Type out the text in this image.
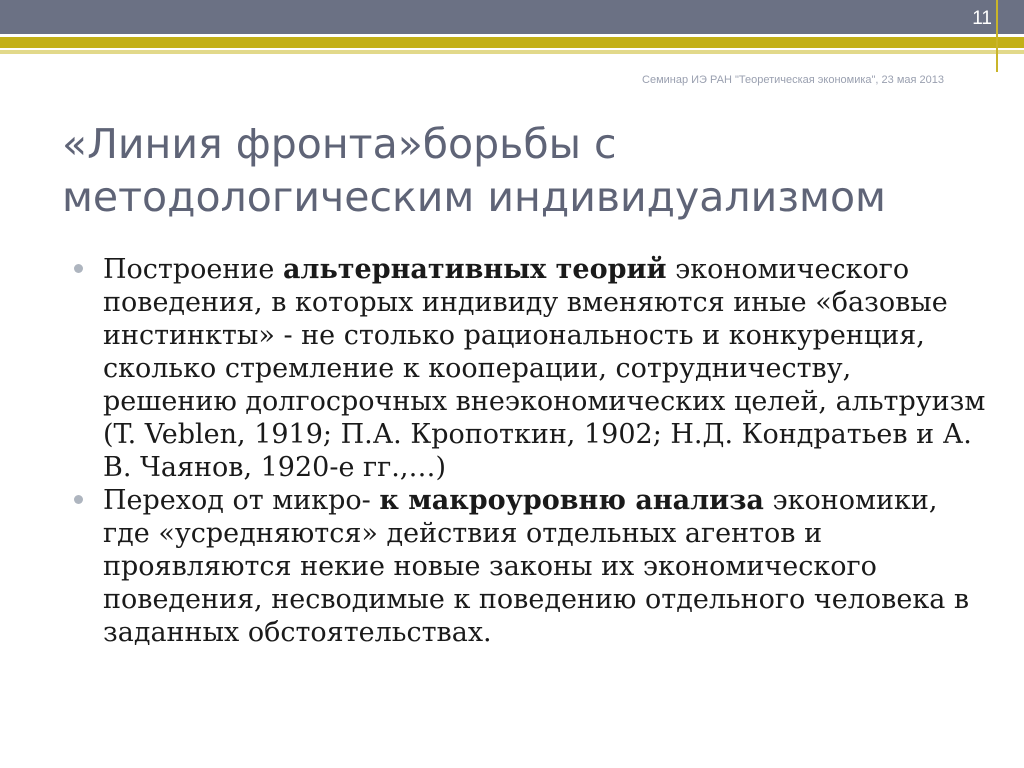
11
Семинар ИЭ РАН "Теоретическая экономика", 23 мая 2013
«Линия фронта»борьбы с
методологическим индивидуализмом
Построение альтернативных теорий экономического поведения, в которых индивиду вменяются иные «базовые инстинкты» - не столько рациональность и конкуренция, сколько стремление к кооперации, сотрудничеству, решению долгосрочных внеэкономических целей, альтруизм (T. Veblen, 1919; П.А. Кропоткин, 1902; Н.Д. Кондратьев и А. В. Чаянов, 1920-е гг.,…)
Переход от микро- к макроуровню анализа экономики, где «усредняются» действия отдельных агентов и проявляются некие новые законы их экономического поведения, несводимые к поведению отдельного человека в заданных обстоятельствах.
